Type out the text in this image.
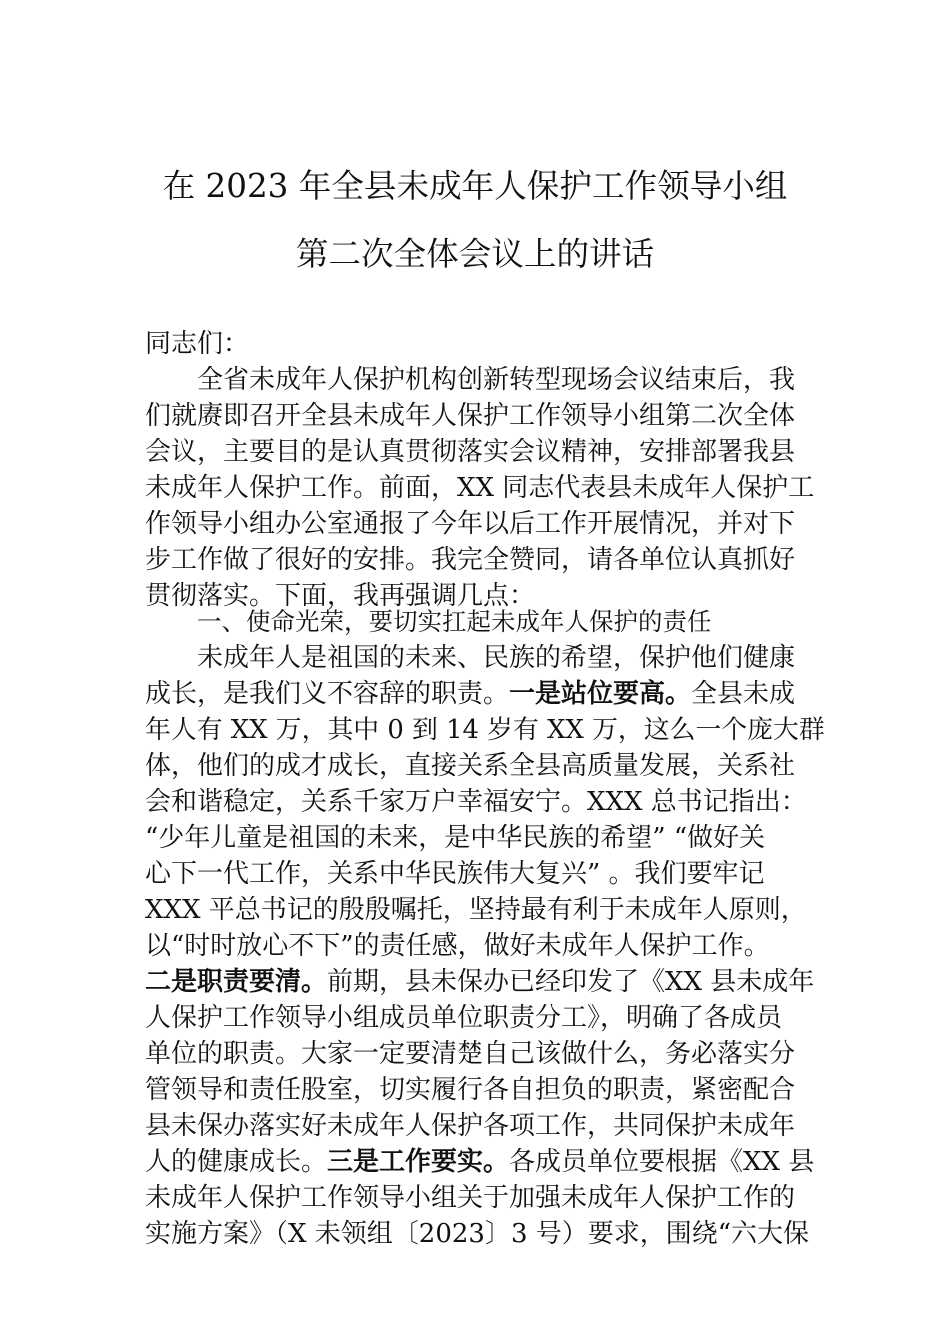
在 2023 年全县未成年人保护工作领导小组
第二次全体会议上的讲话
同志们：
全省未成年人保护机构创新转型现场会议结束后，我
们就赓即召开全县未成年人保护工作领导小组第二次全体
会议，主要目的是认真贯彻落实会议精神，安排部署我县
未成年人保护工作。前面，XX 同志代表县未成年人保护工
作领导小组办公室通报了今年以后工作开展情况，并对下
步工作做了很好的安排。我完全赞同，请各单位认真抓好
贯彻落实。下面，我再强调几点：
一、使命光荣，要切实扛起未成年人保护的责任
未成年人是祖国的未来、民族的希望，保护他们健康
成长，是我们义不容辞的职责。一是站位要高。全县未成
年人有 XX 万，其中 0 到 14 岁有 XX 万，这么一个庞大群
体，他们的成才成长，直接关系全县高质量发展，关系社
会和谐稳定，关系千家万户幸福安宁。XXX 总书记指出：
“少年儿童是祖国的未来，是中华民族的希望” “做好关
心下一代工作，关系中华民族伟大复兴” 。我们要牢记
XXX 平总书记的殷殷嘱托，坚持最有利于未成年人原则，
以“时时放心不下”的责任感，做好未成年人保护工作。
二是职责要清。前期，县未保办已经印发了《XX 县未成年
人保护工作领导小组成员单位职责分工》，明确了各成员
单位的职责。大家一定要清楚自己该做什么，务必落实分
管领导和责任股室，切实履行各自担负的职责，紧密配合
县未保办落实好未成年人保护各项工作，共同保护未成年
人的健康成长。三是工作要实。各成员单位要根据《XX 县
未成年人保护工作领导小组关于加强未成年人保护工作的
实施方案》（X 未领组〔2023〕3 号）要求，围绕“六大保
